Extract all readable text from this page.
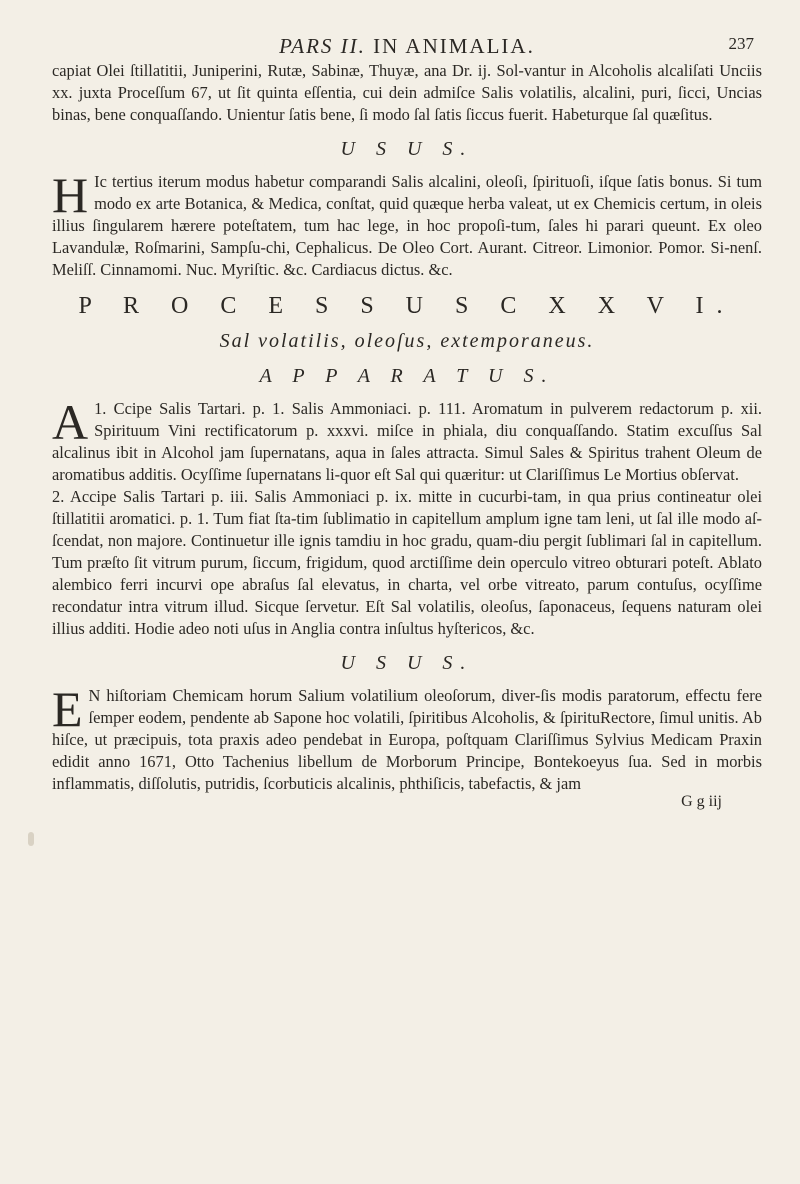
PARS II. IN ANIMALIA.	237

capiat Olei ſtillatitii, Juniperini, Rutæ, Sabinæ, Thuyæ, ana Dr. ij. Sol-vantur in Alcoholis alcaliſati Unciis xx. juxta Proceſſum 67, ut ſit quinta eſſentia, cui dein admiſce Salis volatilis, alcalini, puri, ſicci, Uncias binas, bene conquaſſando. Unientur ſatis bene, ſi modo ſal ſatis ſiccus fuerit. Habeturque ſal quæſitus.

U S U S.

H Ic tertius iterum modus habetur comparandi Salis alcalini, oleoſi, ſpirituoſi, iſque ſatis bonus. Si tum modo ex arte Botanica, & Medica, conſtat, quid quæque herba valeat, ut ex Chemicis certum, in oleis illius ſingularem hærere poteſtatem, tum hac lege, in hoc propoſi-tum, ſales hi parari queunt. Ex oleo Lavandulæ, Roſmarini, Sampſu-chi, Cephalicus. De Oleo Cort. Aurant. Citreor. Limonior. Pomor. Si-nenſ. Meliſſ. Cinnamomi. Nuc. Myriſtic. &c. Cardiacus dictus. &c.

P R O C E S S U S C X X V I.
Sal volatilis, oleoſus, extemporaneus.
A P P A R A T U S.

1.
A Ccipe Salis Tartari. p. 1. Salis Ammoniaci. p. 111. Aromatum in pulverem redactorum p. xii. Spirituum Vini rectificatorum p. xxxvi. miſce in phiala, diu conquaſſando. Statim excuſſus Sal alcalinus ibit in Alcohol jam ſupernatans, aqua in ſales attracta. Simul Sales & Spiritus trahent Oleum de aromatibus additis. Ocyſſime ſupernatans li-quor eſt Sal qui quæritur: ut Clariſſimus Le Mortius obſervat.

2. Accipe Salis Tartari p. iii. Salis Ammoniaci p. ix. mitte in cucurbi-tam, in qua prius contineatur olei ſtillatitii aromatici. p. 1. Tum fiat ſta-tim ſublimatio in capitellum amplum igne tam leni, ut ſal ille modo aſ-ſcendat, non majore. Continuetur ille ignis tamdiu in hoc gradu, quam-diu pergit ſublimari ſal in capitellum. Tum præſto ſit vitrum purum, ſiccum, frigidum, quod arctiſſime dein operculo vitreo obturari poteſt. Ablato alembico ferri incurvi ope abraſus ſal elevatus, in charta, vel orbe vitreato, parum contuſus, ocyſſime recondatur intra vitrum illud. Sicque ſervetur. Eſt Sal volatilis, oleoſus, ſaponaceus, ſequens naturam olei illius additi. Hodie adeo noti uſus in Anglia contra inſultus hyſtericos, &c.

U S U S.

E N hiſtoriam Chemicam horum Salium volatilium oleoſorum, diver-ſis modis paratorum, effectu fere ſemper eodem, pendente ab Sapone hoc volatili, ſpiritibus Alcoholis, & ſpirituRectore, ſimul unitis. Ab hiſce, ut præcipuis, tota praxis adeo pendebat in Europa, poſtquam Clariſſimus Sylvius Medicam Praxin edidit anno 1671, Otto Tachenius libellum de Morborum Principe, Bontekoeyus ſua. Sed in morbis inflammatis, diſſolutis, putridis, ſcorbuticis alcalinis, phthiſicis, tabefactis, & jam

G g iij
